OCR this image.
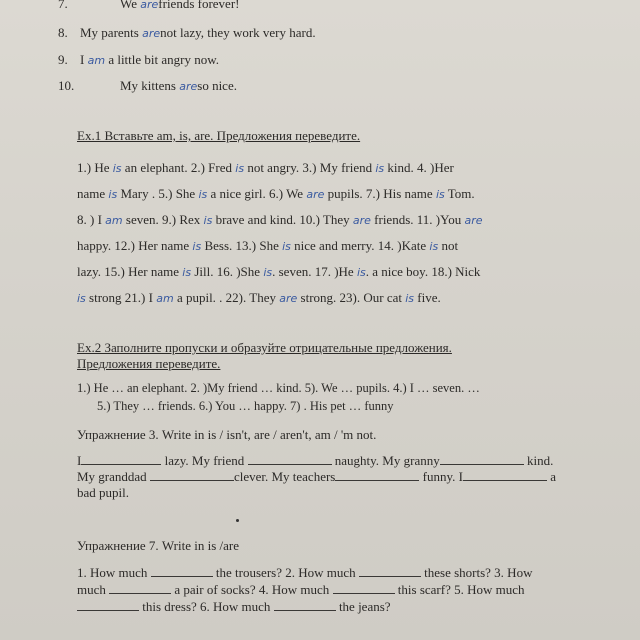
7.	We arefriends forever!
8. My parents arenot lazy, they work very hard.
9. I am a little bit angry now.
10.	My kittens areso nice.
Ex.1 Вставьте am, is, are. Предложения переведите.
1.) He is an elephant. 2.) Fred is not angry. 3.) My friend is kind. 4. )Her
name is Mary . 5.) She is a nice girl. 6.) We are pupils. 7.) His name is Tom.
8. ) I am seven. 9.) Rex is brave and kind. 10.) They are friends. 11. )You are
happy. 12.) Her name is Bess. 13.) She is nice and merry. 14. )Kate is not
lazy. 15.) Her name is Jill. 16. )She is. seven. 17. )He is. a nice boy. 18.) Nick
is strong 21.) I am a pupil. . 22). They are strong. 23). Our cat is five.
Ex.2 Заполните пропуски и образуйте отрицательные предложения.
Предложения переведите.
1.) He … an elephant. 2. )My friend … kind. 5). We … pupils. 4.) I … seven. …
5.) They … friends. 6.) You … happy. 7) . His pet … funny
Упражнение 3. Write in is / isn't, are / aren't, am / 'm not.
I	lazy. My friend	naughty. My granny	kind.
My granddad	clever. My teachers	funny. I	a
bad pupil.
Упражнение 7. Write in is /are
1. How much	the trousers? 2. How much	these shorts? 3. How
much	a pair of socks? 4. How much	this scarf? 5. How much
this dress? 6. How much	the jeans?
